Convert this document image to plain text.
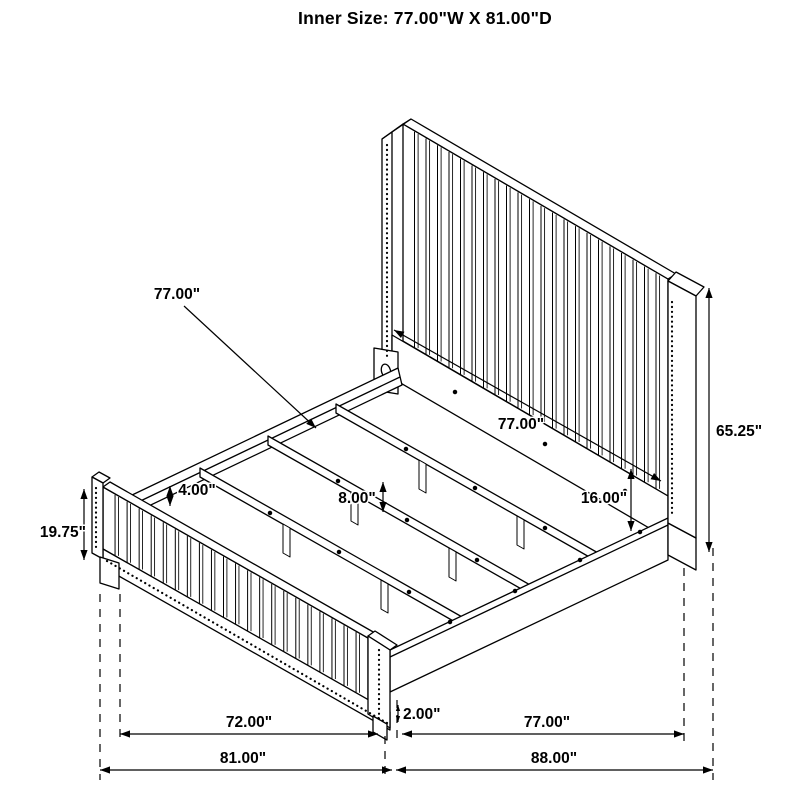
Inner Size: 77.00"W X 81.00"D
77.00"
77.00"	65.25"
19.75"
4.00"	8.00"	16.00"
2.00"
72.00"	77.00"
81.00"	88.00"
